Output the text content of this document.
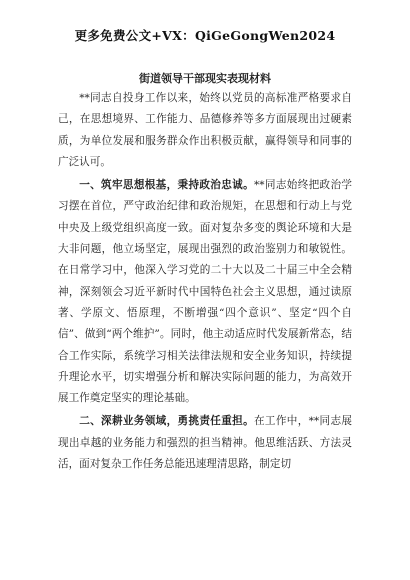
更多免费公文+VX：QiGeGongWen2024
街道领导干部现实表现材料

**同志自投身工作以来，始终以党员的高标准严格要求自己，在思想境界、工作能力、品德修养等多方面展现出过硬素质，为单位发展和服务群众作出积极贡献，赢得领导和同事的广泛认可。

一、筑牢思想根基，秉持政治忠诚。**同志始终把政治学习摆在首位，严守政治纪律和政治规矩，在思想和行动上与党中央及上级党组织高度一致。面对复杂多变的舆论环境和大是大非问题，他立场坚定，展现出强烈的政治鉴别力和敏锐性。在日常学习中，他深入学习党的二十大以及二十届三中全会精神，深刻领会习近平新时代中国特色社会主义思想，通过读原著、学原文、悟原理，不断增强“四个意识”、坚定“四个自信”、做到“两个维护”。同时，他主动适应时代发展新常态，结合工作实际，系统学习相关法律法规和安全业务知识，持续提升理论水平，切实增强分析和解决实际问题的能力，为高效开展工作奠定坚实的理论基础。

二、深耕业务领域，勇挑责任重担。在工作中，**同志展现出卓越的业务能力和强烈的担当精神。他思维活跃、方法灵活，面对复杂工作任务总能迅速理清思路，制定切
